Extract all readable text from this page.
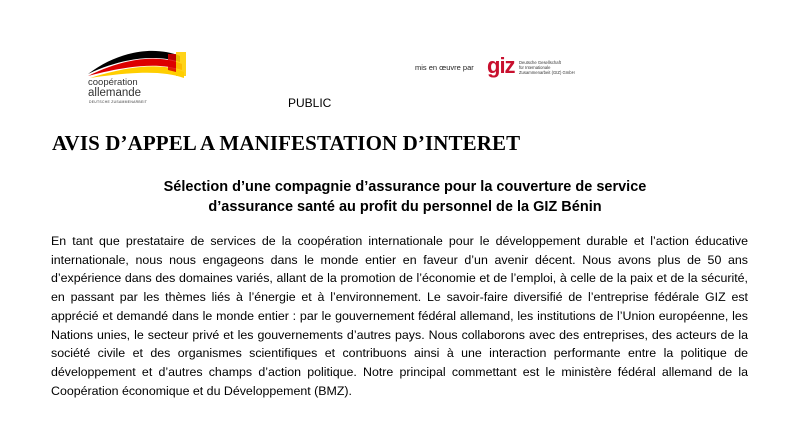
coopération
allemande
DEUTSCHE ZUSAMMENARBEIT
mis en œuvre par giz Deutsche Gesellschaft
für Internationale
Zusammenarbeit (GIZ) GmbH
PUBLIC
AVIS D’APPEL A MANIFESTATION D’INTERET
Sélection d’une compagnie d’assurance pour la couverture de service
d’assurance santé au profit du personnel de la GIZ Bénin

En tant que prestataire de services de la coopération internationale pour le développement durable et l’action éducative internationale, nous nous engageons dans le monde entier en faveur d’un avenir décent. Nous avons plus de 50 ans d’expérience dans des domaines variés, allant de la promotion de l’économie et de l’emploi, à celle de la paix et de la sécurité, en passant par les thèmes liés à l’énergie et à l’environnement. Le savoir-faire diversifié de l’entreprise fédérale GIZ est apprécié et demandé dans le monde entier : par le gouvernement fédéral allemand, les institutions de l’Union européenne, les Nations unies, le secteur privé et les gouvernements d’autres pays. Nous collaborons avec des entreprises, des acteurs de la société civile et des organismes scientifiques et contribuons ainsi à une interaction performante entre la politique de développement et d’autres champs d’action politique. Notre principal commettant est le ministère fédéral allemand de la Coopération économique et du Développement (BMZ).
